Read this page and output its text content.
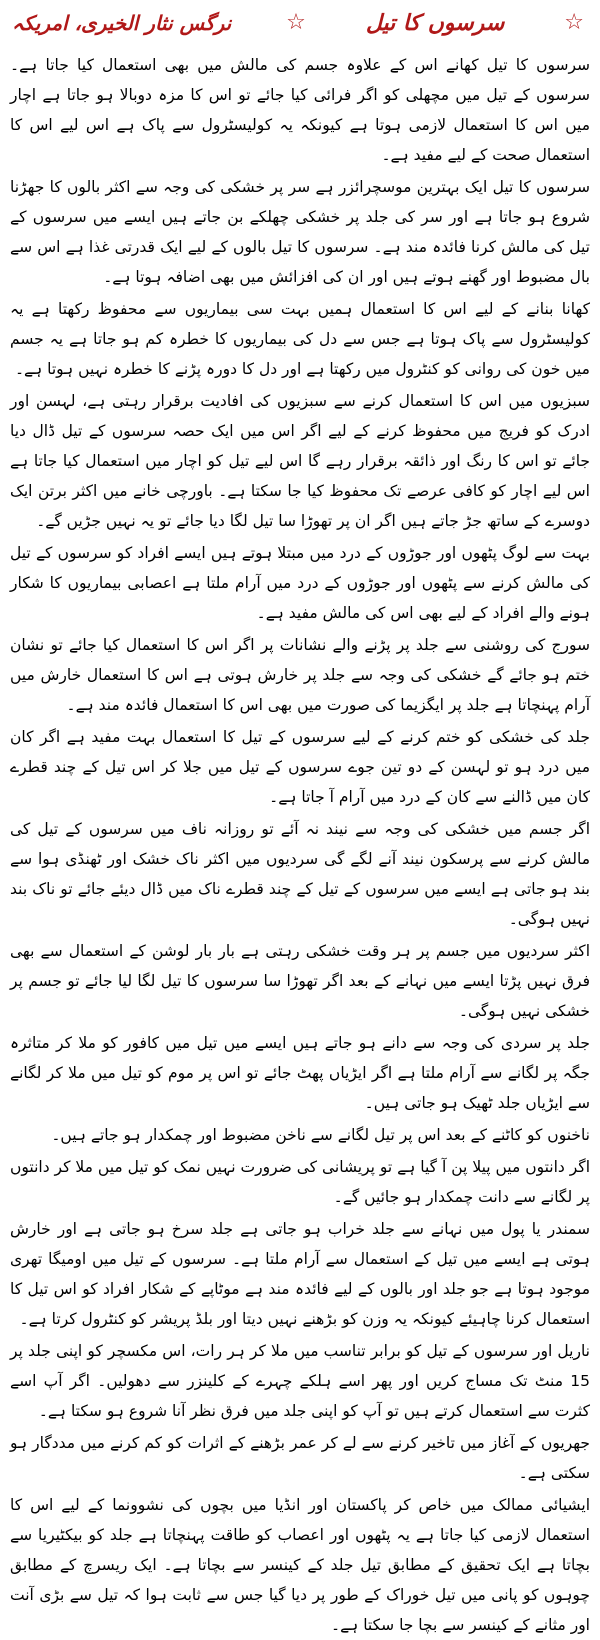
☆
سرسوں کا تیل
☆
نرگس نثار الخیری، امریکہ

سرسوں کا تیل کھانے اس کے علاوہ جسم کی مالش میں بھی استعمال کیا جاتا ہے۔ سرسوں کے تیل میں مچھلی کو اگر فرائی کیا جائے تو اس کا مزہ دوبالا ہو جاتا ہے اچار میں اس کا استعمال لازمی ہوتا ہے کیونکہ یہ کولیسٹرول سے پاک ہے اس لیے اس کا استعمال صحت کے لیے مفید ہے۔

سرسوں کا تیل ایک بہترین موسچرائزر ہے سر پر خشکی کی وجہ سے اکثر بالوں کا جھڑنا شروع ہو جاتا ہے اور سر کی جلد پر خشکی چھلکے بن جاتے ہیں ایسے میں سرسوں کے تیل کی مالش کرنا فائدہ مند ہے۔ سرسوں کا تیل بالوں کے لیے ایک قدرتی غذا ہے اس سے بال مضبوط اور گھنے ہوتے ہیں اور ان کی افزائش میں بھی اضافہ ہوتا ہے۔

کھانا بنانے کے لیے اس کا استعمال ہمیں بہت سی بیماریوں سے محفوظ رکھتا ہے یہ کولیسٹرول سے پاک ہوتا ہے جس سے دل کی بیماریوں کا خطرہ کم ہو جاتا ہے یہ جسم میں خون کی روانی کو کنٹرول میں رکھتا ہے اور دل کا دورہ پڑنے کا خطرہ نہیں ہوتا ہے۔

سبزیوں میں اس کا استعمال کرنے سے سبزیوں کی افادیت برقرار رہتی ہے، لہسن اور ادرک کو فریج میں محفوظ کرنے کے لیے اگر اس میں ایک حصہ سرسوں کے تیل ڈال دیا جائے تو اس کا رنگ اور ذائقہ برقرار رہے گا اس لیے تیل کو اچار میں استعمال کیا جاتا ہے اس لیے اچار کو کافی عرصے تک محفوظ کیا جا سکتا ہے۔ باورچی خانے میں اکثر برتن ایک دوسرے کے ساتھ جڑ جاتے ہیں اگر ان پر تھوڑا سا تیل لگا دیا جائے تو یہ نہیں جڑیں گے۔

بہت سے لوگ پٹھوں اور جوڑوں کے درد میں مبتلا ہوتے ہیں ایسے افراد کو سرسوں کے تیل کی مالش کرنے سے پٹھوں اور جوڑوں کے درد میں آرام ملتا ہے اعصابی بیماریوں کا شکار ہونے والے افراد کے لیے بھی اس کی مالش مفید ہے۔

سورج کی روشنی سے جلد پر پڑنے والے نشانات پر اگر اس کا استعمال کیا جائے تو نشان ختم ہو جائے گے خشکی کی وجہ سے جلد پر خارش ہوتی ہے اس کا استعمال خارش میں آرام پہنچاتا ہے جلد پر ایگزیما کی صورت میں بھی اس کا استعمال فائدہ مند ہے۔

جلد کی خشکی کو ختم کرنے کے لیے سرسوں کے تیل کا استعمال بہت مفید ہے اگر کان میں درد ہو تو لہسن کے دو تین جوے سرسوں کے تیل میں جلا کر اس تیل کے چند قطرے کان میں ڈالنے سے کان کے درد میں آرام آ جاتا ہے۔

اگر جسم میں خشکی کی وجہ سے نیند نہ آئے تو روزانہ ناف میں سرسوں کے تیل کی مالش کرنے سے پرسکون نیند آنے لگے گی سردیوں میں اکثر ناک خشک اور ٹھنڈی ہوا سے بند ہو جاتی ہے ایسے میں سرسوں کے تیل کے چند قطرے ناک میں ڈال دیئے جائے تو ناک بند نہیں ہوگی۔

اکثر سردیوں میں جسم پر ہر وقت خشکی رہتی ہے بار بار لوشن کے استعمال سے بھی فرق نہیں پڑتا ایسے میں نہانے کے بعد اگر تھوڑا سا سرسوں کا تیل لگا لیا جائے تو جسم پر خشکی نہیں ہوگی۔

جلد پر سردی کی وجہ سے دانے ہو جاتے ہیں ایسے میں تیل میں کافور کو ملا کر متاثرہ جگہ پر لگانے سے آرام ملتا ہے اگر ایڑیاں پھٹ جائے تو اس پر موم کو تیل میں ملا کر لگانے سے ایڑیاں جلد ٹھیک ہو جاتی ہیں۔

ناخنوں کو کاٹنے کے بعد اس پر تیل لگانے سے ناخن مضبوط اور چمکدار ہو جاتے ہیں۔

اگر دانتوں میں پیلا پن آ گیا ہے تو پریشانی کی ضرورت نہیں نمک کو تیل میں ملا کر دانتوں پر لگانے سے دانت چمکدار ہو جائیں گے۔

سمندر یا پول میں نہانے سے جلد خراب ہو جاتی ہے جلد سرخ ہو جاتی ہے اور خارش ہوتی ہے ایسے میں تیل کے استعمال سے آرام ملتا ہے۔ سرسوں کے تیل میں اومیگا تھری موجود ہوتا ہے جو جلد اور بالوں کے لیے فائدہ مند ہے موٹاپے کے شکار افراد کو اس تیل کا استعمال کرنا چاہیئے کیونکہ یہ وزن کو بڑھنے نہیں دیتا اور بلڈ پریشر کو کنٹرول کرتا ہے۔

ناریل اور سرسوں کے تیل کو برابر تناسب میں ملا کر ہر رات، اس مکسچر کو اپنی جلد پر 15 منٹ تک مساج کریں اور پھر اسے ہلکے چہرے کے کلینزر سے دھولیں۔ اگر آپ اسے کثرت سے استعمال کرتے ہیں تو آپ کو اپنی جلد میں فرق نظر آنا شروع ہو سکتا ہے۔

جھریوں کے آغاز میں تاخیر کرنے سے لے کر عمر بڑھنے کے اثرات کو کم کرنے میں مددگار ہو سکتی ہے۔

ایشیائی ممالک میں خاص کر پاکستان اور انڈیا میں بچوں کی نشوونما کے لیے اس کا استعمال لازمی کیا جاتا ہے یہ پٹھوں اور اعصاب کو طاقت پہنچاتا ہے جلد کو بیکٹیریا سے بچاتا ہے ایک تحقیق کے مطابق تیل جلد کے کینسر سے بچاتا ہے۔ ایک ریسرچ کے مطابق چوہوں کو پانی میں تیل خوراک کے طور پر دیا گیا جس سے ثابت ہوا کہ تیل سے بڑی آنت اور مثانے کے کینسر سے بچا جا سکتا ہے۔
